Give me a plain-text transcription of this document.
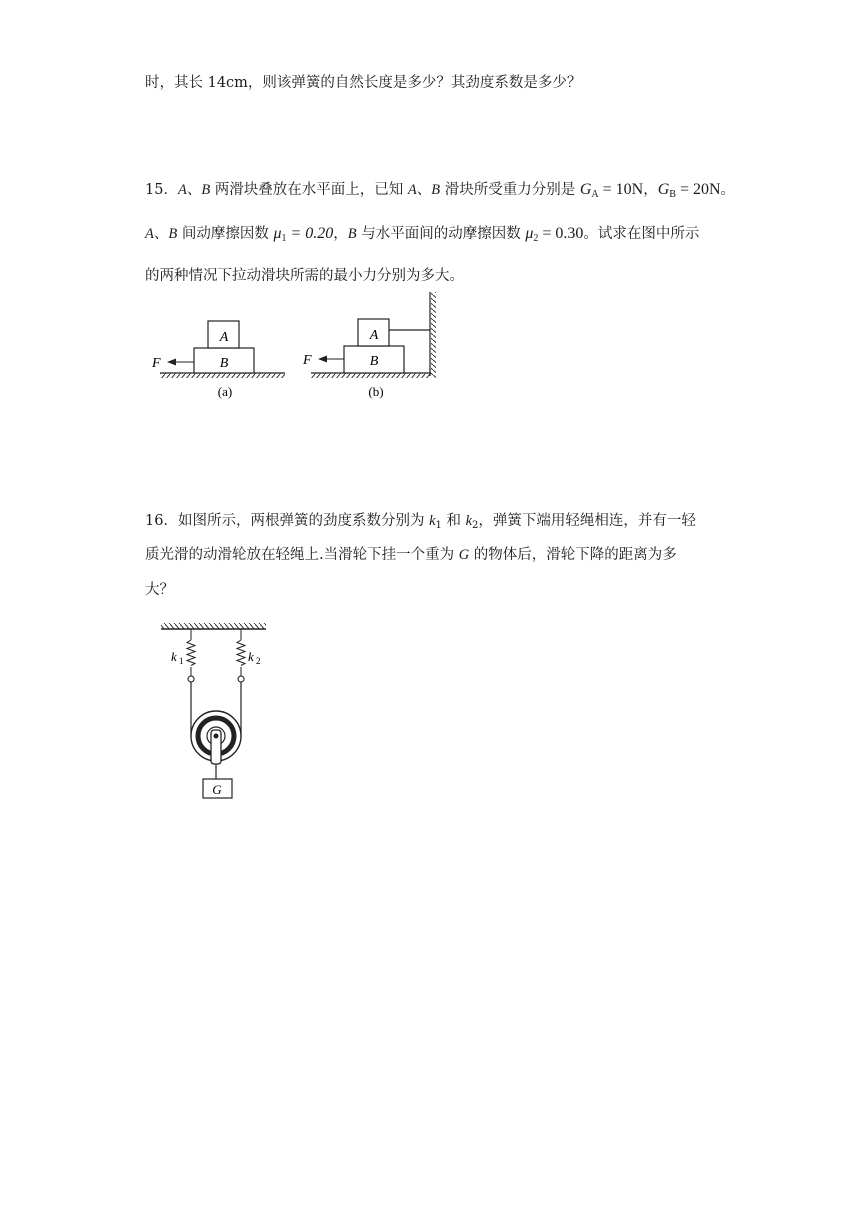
时，其长 14cm，则该弹簧的自然长度是多少？其劲度系数是多少？
15．A、B 两滑块叠放在水平面上，已知 A、B 滑块所受重力分别是 $G_A = 10N$，$G_B = 20N$。
A、B 间动摩擦因数 $\mu_1 = 0.20$，B 与水平面间的动摩擦因数 $\mu_2 = 0.30$。试求在图中所示
的两种情况下拉动滑块所需的最小力分别为多大。
A
B
F
(a)
A
B
F
(b)
16．如图所示，两根弹簧的劲度系数分别为 $k_1$ 和 $k_2$，弹簧下端用轻绳相连，并有一轻
质光滑的动滑轮放在轻绳上.当滑轮下挂一个重为 G 的物体后，滑轮下降的距离为多
大？
k 1	k 2
G
